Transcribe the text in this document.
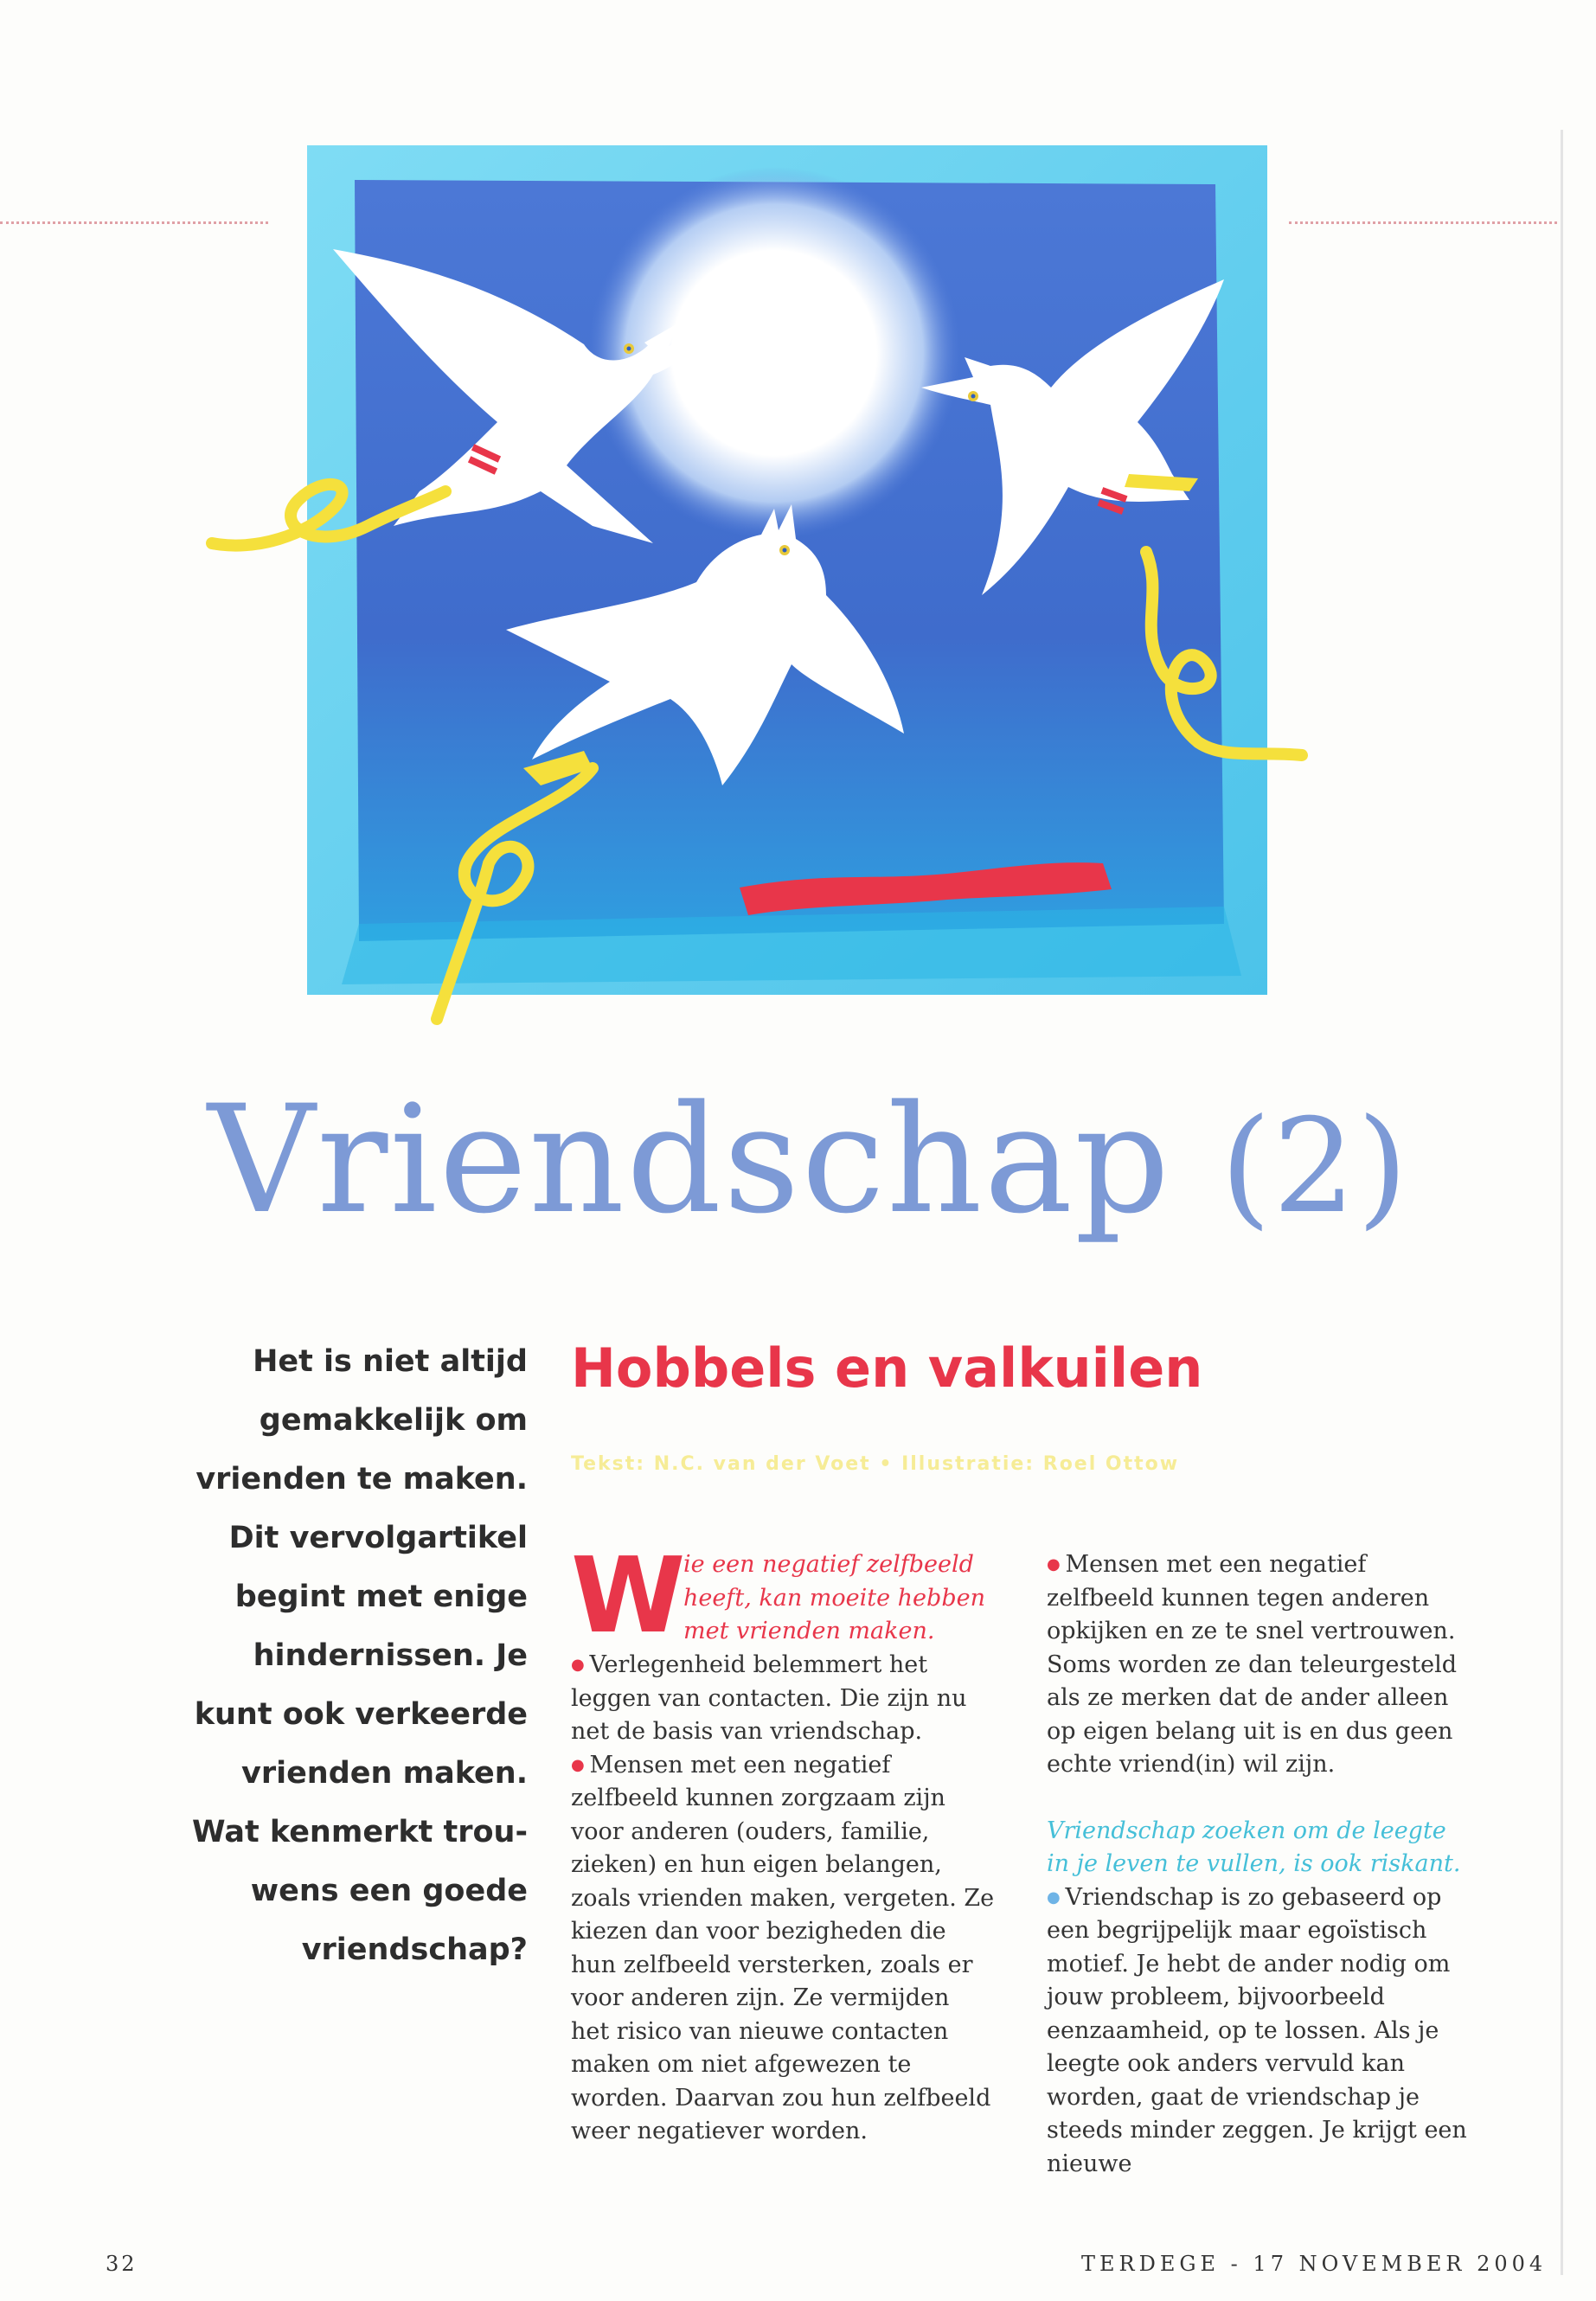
Vriendschap (2)
Het is niet altijd
gemakkelijk om
vrienden te maken.
Dit vervolgartikel
begint met enige
hindernissen. Je
kunt ook verkeerde
vrienden maken.
Wat kenmerkt trou-
wens een goede
vriendschap?
Hobbels en valkuilen
Tekst: N.C. van der Voet • Illustratie: Roel Ottow
W
ie een negatief zelfbeeld heeft, kan moeite hebben met vrienden maken.

● Verlegenheid belemmert het leggen van contacten. Die zijn nu net de basis van vriendschap.

● Mensen met een negatief zelfbeeld kunnen zorgzaam zijn voor anderen (ouders, familie, zieken) en hun eigen belangen, zoals vrienden maken, vergeten. Ze kiezen dan voor bezigheden die hun zelfbeeld versterken, zoals er voor anderen zijn. Ze vermijden het risico van nieuwe contacten maken om niet afgewezen te worden. Daarvan zou hun zelfbeeld weer negatiever worden.

● Mensen met een negatief zelfbeeld kunnen tegen anderen opkijken en ze te snel vertrouwen. Soms worden ze dan teleurgesteld als ze merken dat de ander alleen op eigen belang uit is en dus geen echte vriend(in) wil zijn.

Vriendschap zoeken om de leegte in je leven te vullen, is ook riskant.

● Vriendschap is zo gebaseerd op een begrijpelijk maar egoïstisch motief. Je hebt de ander nodig om jouw probleem, bijvoorbeeld eenzaamheid, op te lossen. Als je leegte ook anders vervuld kan worden, gaat de vriendschap je steeds minder zeggen. Je krijgt een nieuwe

32	TERDEGE - 17 NOVEMBER 2004
